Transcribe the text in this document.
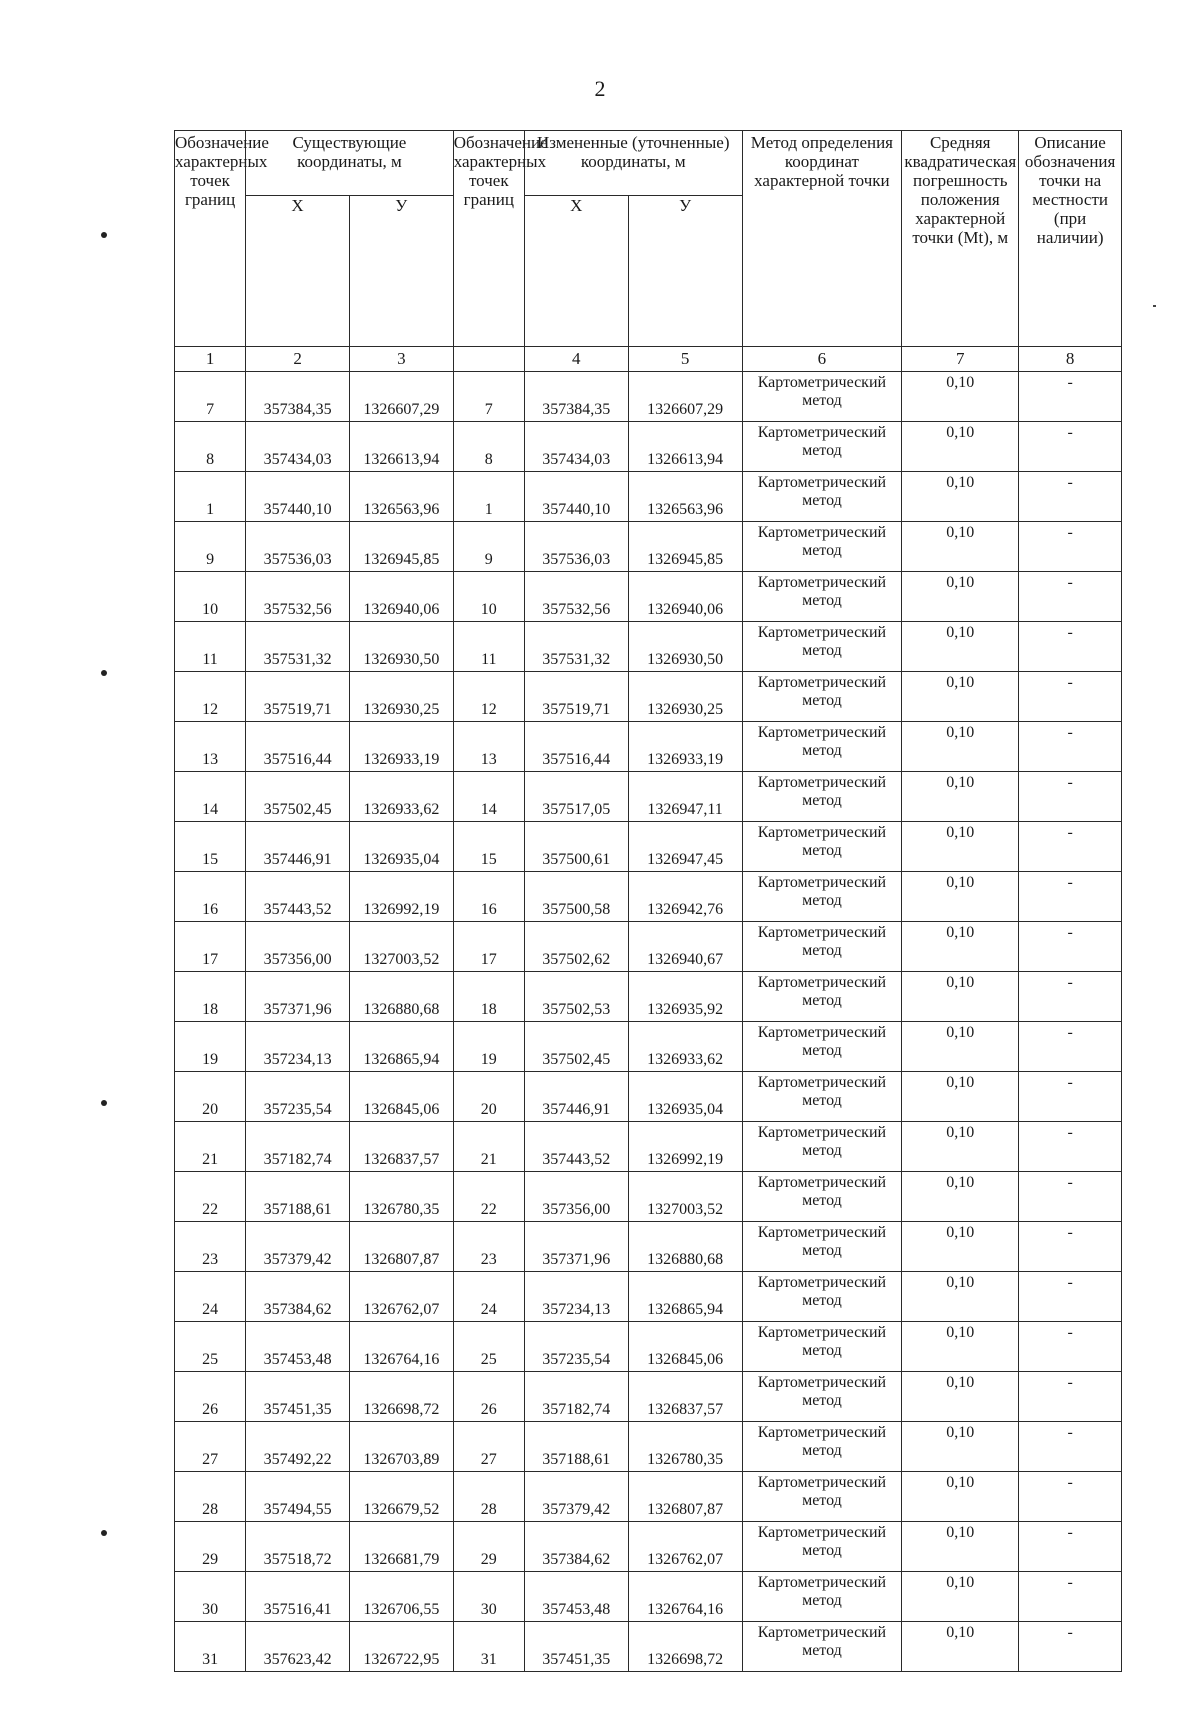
2
Обозначение характерных точек границ	Существующие координаты, м		Обозначение характерных точек границ	Измененные (уточненные) координаты, м		Метод определения координат характерной точки	Средняя квадратическая погрешность положения характерной точки (Mt), м	Описание обозначения точки на местности (при наличии)
	Х	У		Х	У			
1	2	3		4	5	6	7	8
7	357384,35	1326607,29	7	357384,35	1326607,29	Картометрический метод	0,10	-
8	357434,03	1326613,94	8	357434,03	1326613,94	Картометрический метод	0,10	-
1	357440,10	1326563,96	1	357440,10	1326563,96	Картометрический метод	0,10	-
9	357536,03	1326945,85	9	357536,03	1326945,85	Картометрический метод	0,10	-
10	357532,56	1326940,06	10	357532,56	1326940,06	Картометрический метод	0,10	-
11	357531,32	1326930,50	11	357531,32	1326930,50	Картометрический метод	0,10	-
12	357519,71	1326930,25	12	357519,71	1326930,25	Картометрический метод	0,10	-
13	357516,44	1326933,19	13	357516,44	1326933,19	Картометрический метод	0,10	-
14	357502,45	1326933,62	14	357517,05	1326947,11	Картометрический метод	0,10	-
15	357446,91	1326935,04	15	357500,61	1326947,45	Картометрический метод	0,10	-
16	357443,52	1326992,19	16	357500,58	1326942,76	Картометрический метод	0,10	-
17	357356,00	1327003,52	17	357502,62	1326940,67	Картометрический метод	0,10	-
18	357371,96	1326880,68	18	357502,53	1326935,92	Картометрический метод	0,10	-
19	357234,13	1326865,94	19	357502,45	1326933,62	Картометрический метод	0,10	-
20	357235,54	1326845,06	20	357446,91	1326935,04	Картометрический метод	0,10	-
21	357182,74	1326837,57	21	357443,52	1326992,19	Картометрический метод	0,10	-
22	357188,61	1326780,35	22	357356,00	1327003,52	Картометрический метод	0,10	-
23	357379,42	1326807,87	23	357371,96	1326880,68	Картометрический метод	0,10	-
24	357384,62	1326762,07	24	357234,13	1326865,94	Картометрический метод	0,10	-
25	357453,48	1326764,16	25	357235,54	1326845,06	Картометрический метод	0,10	-
26	357451,35	1326698,72	26	357182,74	1326837,57	Картометрический метод	0,10	-
27	357492,22	1326703,89	27	357188,61	1326780,35	Картометрический метод	0,10	-
28	357494,55	1326679,52	28	357379,42	1326807,87	Картометрический метод	0,10	-
29	357518,72	1326681,79	29	357384,62	1326762,07	Картометрический метод	0,10	-
30	357516,41	1326706,55	30	357453,48	1326764,16	Картометрический метод	0,10	-
31	357623,42	1326722,95	31	357451,35	1326698,72	Картометрический метод	0,10	-
